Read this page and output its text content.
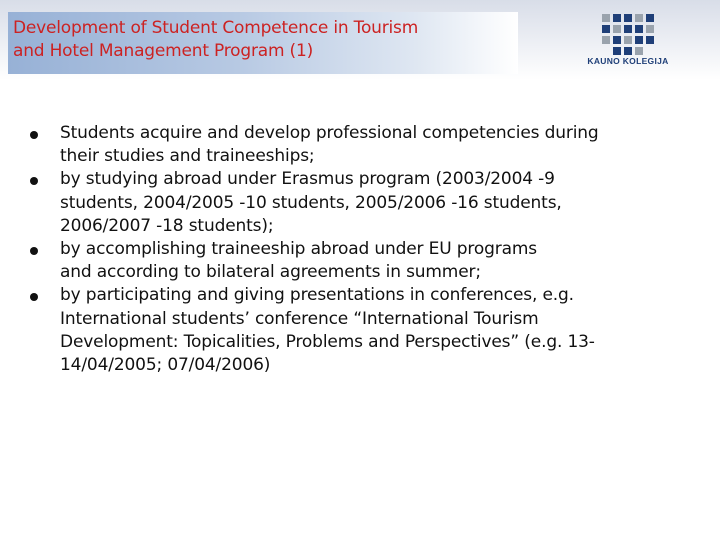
Development of Student Competence in Tourism
and Hotel Management Program (1)	KAUNO KOLEGIJA
Students acquire and develop professional competencies during
their studies and traineeships;
by studying abroad under Erasmus program (2003/2004 -9
students, 2004/2005 -10 students, 2005/2006 -16 students,
2006/2007 -18 students);
by accomplishing traineeship abroad under EU programs
and according to bilateral agreements in summer;
by participating and giving presentations in conferences, e.g.
International students’ conference “International Tourism
Development: Topicalities, Problems and Perspectives” (e.g. 13-
14/04/2005; 07/04/2006)
